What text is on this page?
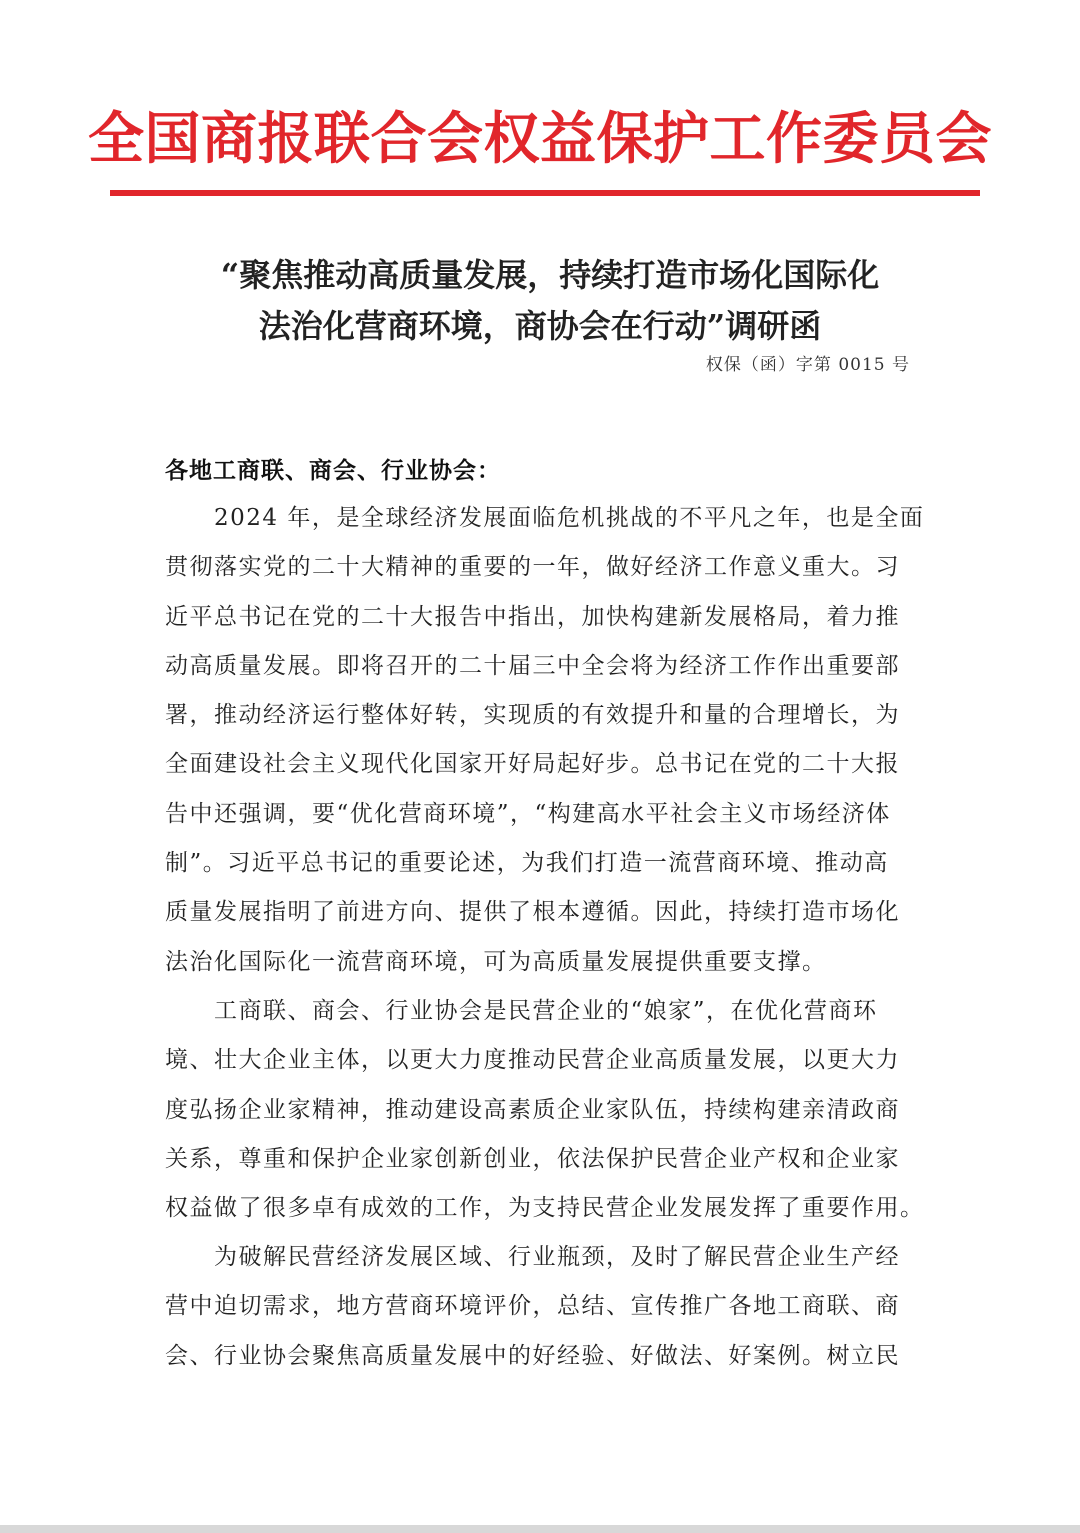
全国商报联合会权益保护工作委员会
“聚焦推动高质量发展，持续打造市场化国际化
法治化营商环境，商协会在行动”调研函
权保（函）字第 0015 号
各地工商联、商会、行业协会：
　　2024 年，是全球经济发展面临危机挑战的不平凡之年，也是全面
贯彻落实党的二十大精神的重要的一年，做好经济工作意义重大。习
近平总书记在党的二十大报告中指出，加快构建新发展格局，着力推
动高质量发展。即将召开的二十届三中全会将为经济工作作出重要部
署，推动经济运行整体好转，实现质的有效提升和量的合理增长，为
全面建设社会主义现代化国家开好局起好步。总书记在党的二十大报
告中还强调，要“优化营商环境”，“构建高水平社会主义市场经济体
制”。习近平总书记的重要论述，为我们打造一流营商环境、推动高
质量发展指明了前进方向、提供了根本遵循。因此，持续打造市场化
法治化国际化一流营商环境，可为高质量发展提供重要支撑。
　　工商联、商会、行业协会是民营企业的“娘家”，在优化营商环
境、壮大企业主体，以更大力度推动民营企业高质量发展，以更大力
度弘扬企业家精神，推动建设高素质企业家队伍，持续构建亲清政商
关系，尊重和保护企业家创新创业，依法保护民营企业产权和企业家
权益做了很多卓有成效的工作，为支持民营企业发展发挥了重要作用。
　　为破解民营经济发展区域、行业瓶颈，及时了解民营企业生产经
营中迫切需求，地方营商环境评价，总结、宣传推广各地工商联、商
会、行业协会聚焦高质量发展中的好经验、好做法、好案例。树立民
